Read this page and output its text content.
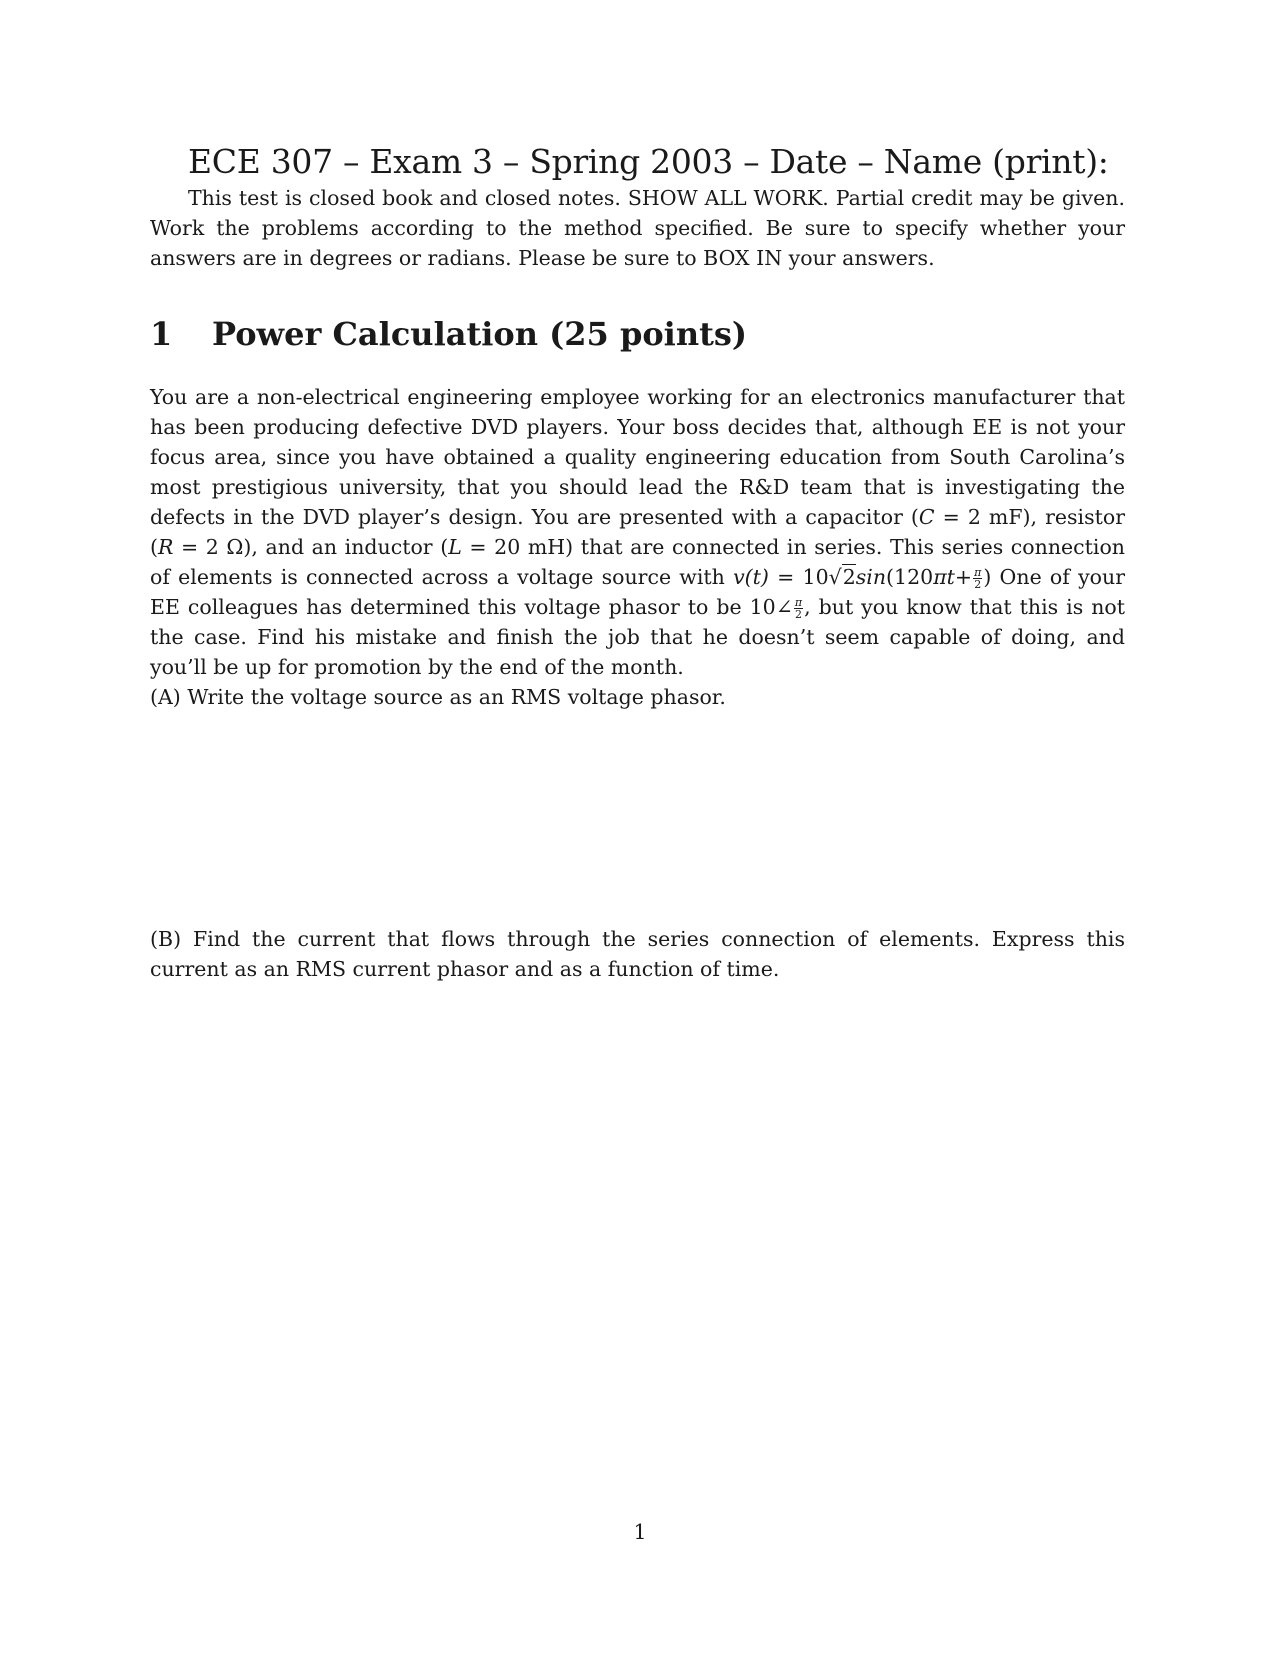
ECE 307 – Exam 3 – Spring 2003 – Date – Name (print):

This test is closed book and closed notes. SHOW ALL WORK. Partial credit may be given. Work the problems according to the method specified. Be sure to specify whether your answers are in degrees or radians. Please be sure to BOX IN your answers.

1 Power Calculation (25 points)

You are a non-electrical engineering employee working for an electronics manufacturer that has been producing defective DVD players. Your boss decides that, although EE is not your focus area, since you have obtained a quality engineering education from South Carolina’s most prestigious university, that you should lead the R&D team that is investigating the defects in the DVD player’s design. You are presented with a capacitor (C = 2 mF), resistor (R = 2 Ω), and an inductor (L = 20 mH) that are connected in series. This series connection of elements is connected across a voltage source with $v(t) = 10√2\sin(120\pi t+ \frac{\pi}{2}$ ) One of your EE colleagues has determined this voltage phasor to be 10∠ $\frac{\pi}{2}$ , but you know that this is not the case. Find his mistake and finish the job that he doesn’t seem capable of doing, and you’ll be up for promotion by the end of the month.

(A) Write the voltage source as an RMS voltage phasor.

(B) Find the current that flows through the series connection of elements. Express this current as an RMS current phasor and as a function of time.

1
